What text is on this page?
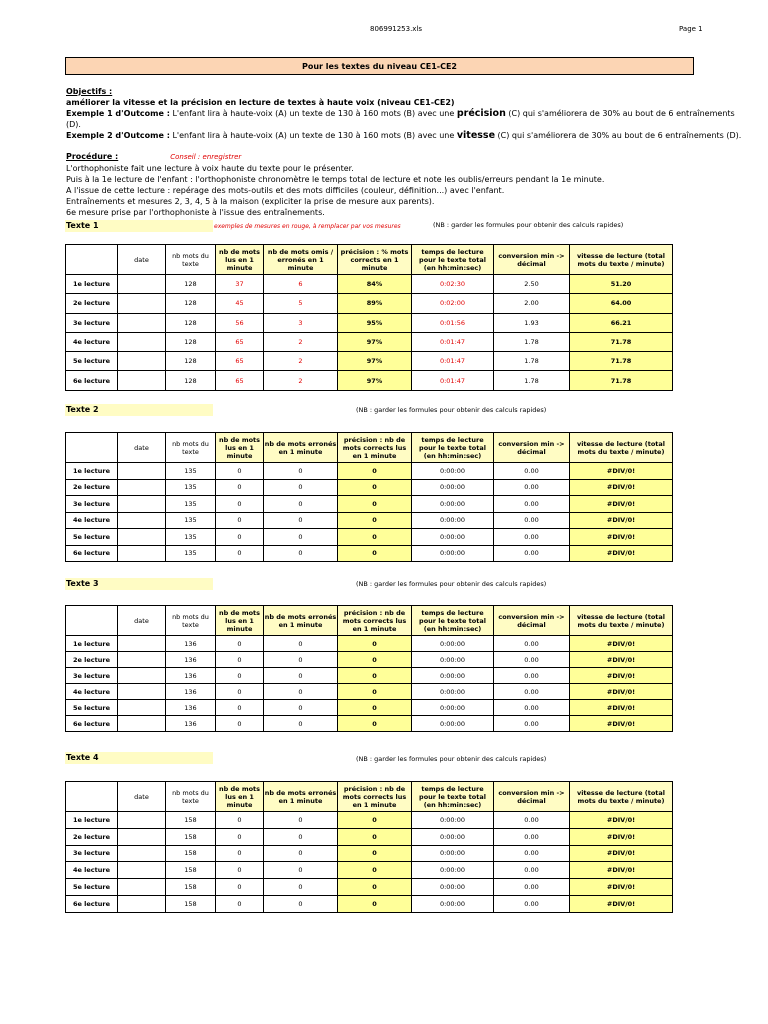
806991253.xls	Page 1
Pour les textes du niveau CE1-CE2
Objectifs :
améliorer la vitesse et la précision en lecture de textes à haute voix (niveau CE1-CE2)
Exemple 1 d'Outcome : L'enfant lira à haute-voix (A) un texte de 130 à 160 mots (B) avec une précision (C) qui s'améliorera de 30% au bout de 6 entraînements (D).
Exemple 2 d'Outcome : L'enfant lira à haute-voix (A) un texte de 130 à 160 mots (B) avec une vitesse (C) qui s'améliorera de 30% au bout de 6 entraînements (D).
Procédure :	Conseil : enregistrer
L'orthophoniste fait une lecture à voix haute du texte pour le présenter.
Puis à la 1e lecture de l'enfant : l'orthophoniste chronomètre le temps total de lecture et note les oublis/erreurs pendant la 1e minute.
A l'issue de cette lecture : repérage des mots-outils et des mots difficiles (couleur, définition...) avec l'enfant.
Entraînements et mesures 2, 3, 4, 5 à la maison (expliciter la prise de mesure aux parents).
6e mesure prise par l'orthophoniste à l'issue des entraînements.
Texte 1	exemples de mesures en rouge, à remplacer par vos mesures	(NB : garder les formules pour obtenir des calculs rapides)
	date	nb mots du texte	nb de mots lus en 1 minute	nb de mots omis / erronés en 1 minute	précision : % mots corrects en 1 minute	temps de lecture pour le texte total (en hh:min:sec)	conversion min -> décimal	vitesse de lecture (total mots du texte / minute)
1e lecture		128	37	6	84%	0:02:30	2.50	51.20
2e lecture		128	45	5	89%	0:02:00	2.00	64.00
3e lecture		128	56	3	95%	0:01:56	1.93	66.21
4e lecture		128	65	2	97%	0:01:47	1.78	71.78
5e lecture		128	65	2	97%	0:01:47	1.78	71.78
6e lecture		128	65	2	97%	0:01:47	1.78	71.78
Texte 2	(NB : garder les formules pour obtenir des calculs rapides)
	date	nb mots du texte	nb de mots lus en 1 minute	nb de mots erronés en 1 minute	précision : nb de mots corrects lus en 1 minute	temps de lecture pour le texte total (en hh:min:sec)	conversion min -> décimal	vitesse de lecture (total mots du texte / minute)
1e lecture		135	0	0	0	0:00:00	0.00	#DIV/0!
2e lecture		135	0	0	0	0:00:00	0.00	#DIV/0!
3e lecture		135	0	0	0	0:00:00	0.00	#DIV/0!
4e lecture		135	0	0	0	0:00:00	0.00	#DIV/0!
5e lecture		135	0	0	0	0:00:00	0.00	#DIV/0!
6e lecture		135	0	0	0	0:00:00	0.00	#DIV/0!
Texte 3	(NB : garder les formules pour obtenir des calculs rapides)
	date	nb mots du texte	nb de mots lus en 1 minute	nb de mots erronés en 1 minute	précision : nb de mots corrects lus en 1 minute	temps de lecture pour le texte total (en hh:min:sec)	conversion min -> décimal	vitesse de lecture (total mots du texte / minute)
1e lecture		136	0	0	0	0:00:00	0.00	#DIV/0!
2e lecture		136	0	0	0	0:00:00	0.00	#DIV/0!
3e lecture		136	0	0	0	0:00:00	0.00	#DIV/0!
4e lecture		136	0	0	0	0:00:00	0.00	#DIV/0!
5e lecture		136	0	0	0	0:00:00	0.00	#DIV/0!
6e lecture		136	0	0	0	0:00:00	0.00	#DIV/0!
Texte 4	(NB : garder les formules pour obtenir des calculs rapides)
	date	nb mots du texte	nb de mots lus en 1 minute	nb de mots erronés en 1 minute	précision : nb de mots corrects lus en 1 minute	temps de lecture pour le texte total (en hh:min:sec)	conversion min -> décimal	vitesse de lecture (total mots du texte / minute)
1e lecture		158	0	0	0	0:00:00	0.00	#DIV/0!
2e lecture		158	0	0	0	0:00:00	0.00	#DIV/0!
3e lecture		158	0	0	0	0:00:00	0.00	#DIV/0!
4e lecture		158	0	0	0	0:00:00	0.00	#DIV/0!
5e lecture		158	0	0	0	0:00:00	0.00	#DIV/0!
6e lecture		158	0	0	0	0:00:00	0.00	#DIV/0!
